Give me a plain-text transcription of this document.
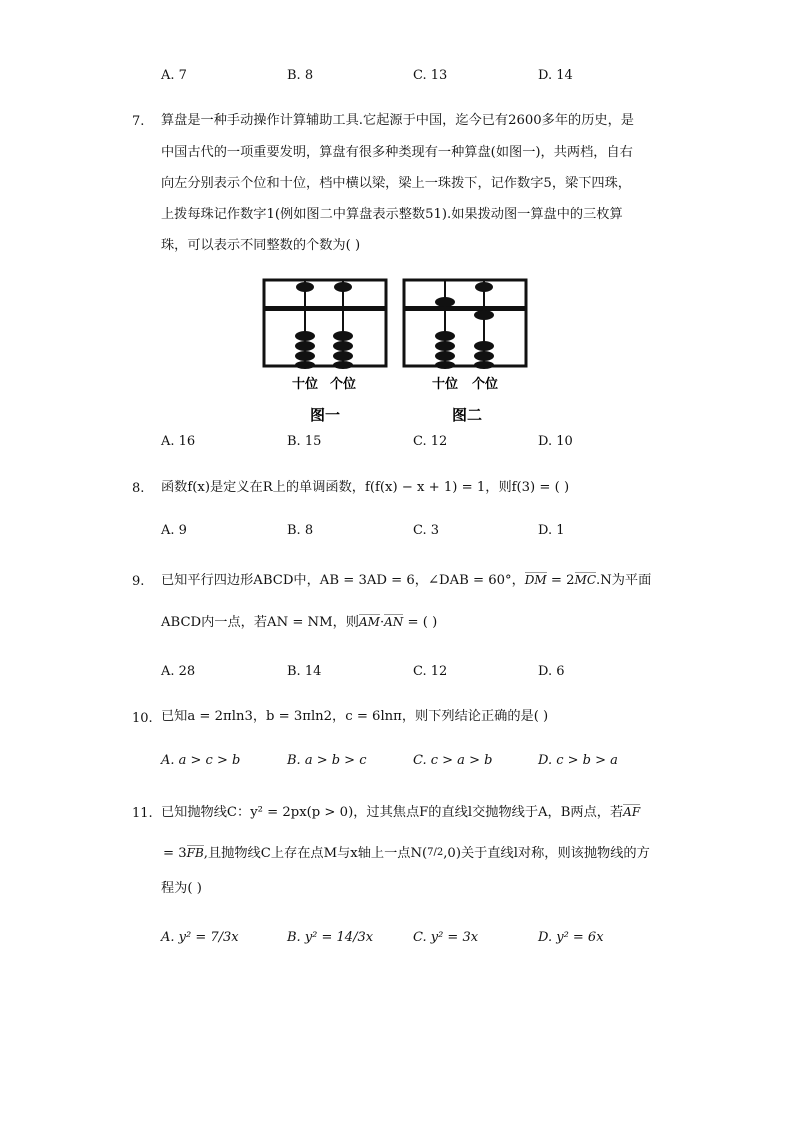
A. 7	B. 8	C. 13	D. 14
7. 算盘是一种手动操作计算辅助工具.它起源于中国，迄今已有2600多年的历史，是
中国古代的一项重要发明，算盘有很多种类现有一种算盘(如图一)，共两档，自右
向左分别表示个位和十位，档中横以梁，梁上一珠拨下，记作数字5，梁下四珠，
上拨每珠记作数字1(例如图二中算盘表示整数51).如果拨动图一算盘中的三枚算
珠，可以表示不同整数的个数为( )
十位 个位	十位 个位
图一	图二
A. 16	B. 15	C. 12	D. 10
8. 函数f(x)是定义在R上的单调函数，f(f(x) − x + 1) = 1，则f(3) = ( )
A. 9	B. 8	C. 3	D. 1
9. 已知平行四边形ABCD中，AB = 3AD = 6，∠DAB = 60°，DM = 2MC.N为平面
ABCD内一点，若AN = NM，则AM·AN = ( )
A. 28	B. 14	C. 12	D. 6
10. 已知a = 2πln3，b = 3πln2，c = 6lnπ，则下列结论正确的是( )
A. a > c > b	B. a > b > c	C. c > a > b	D. c > b > a
11. 已知抛物线C：y² = 2px(p > 0)，过其焦点F的直线l交抛物线于A，B两点，若AF
= 3FB,且抛物线C上存在点M与x轴上一点N(7/2,0)关于直线l对称，则该抛物线的方
程为( )
A. y² = 7/3x	B. y² = 14/3x	C. y² = 3x	D. y² = 6x
